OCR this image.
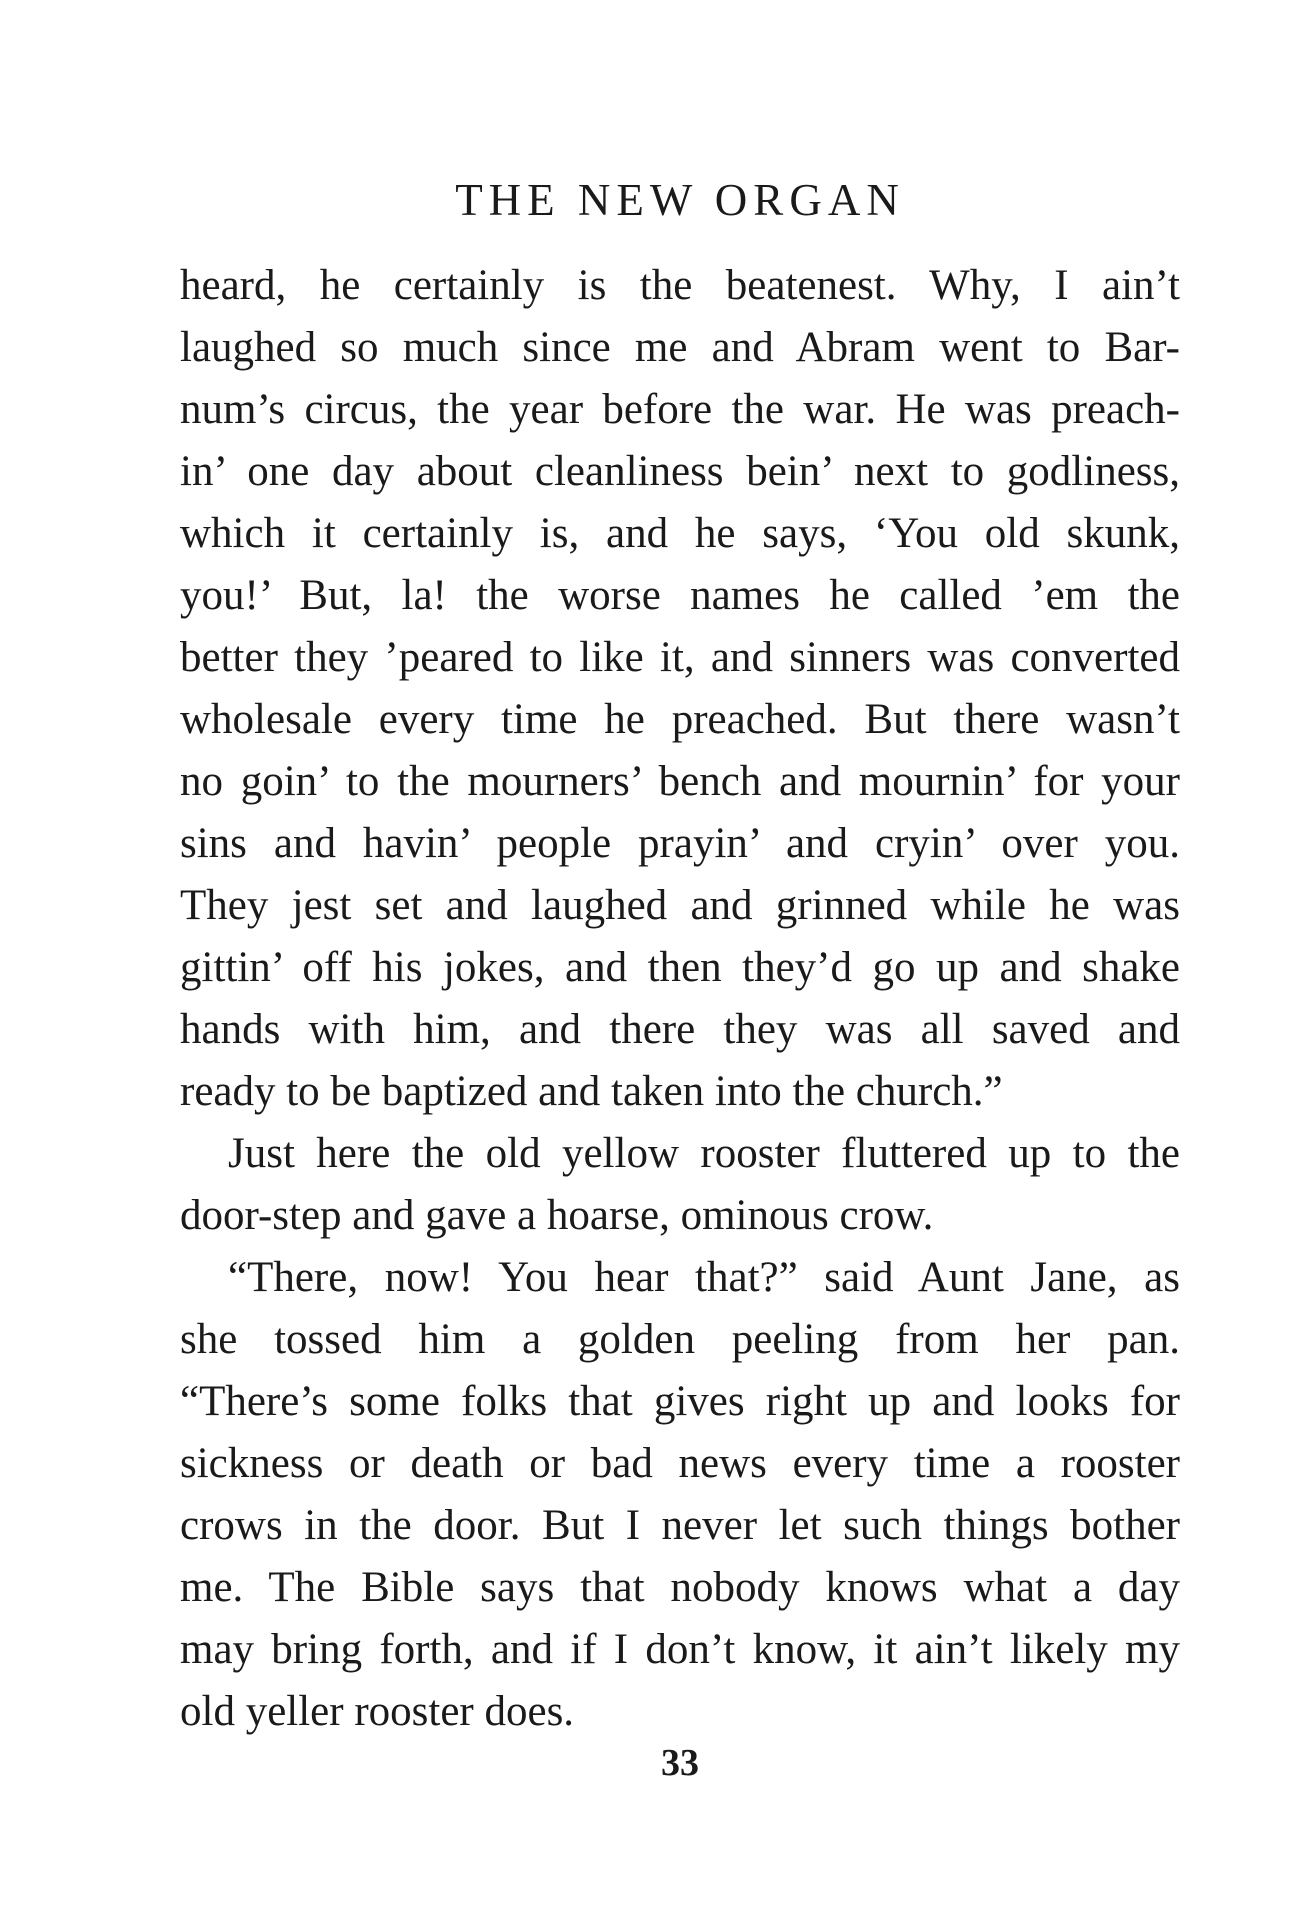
THE NEW ORGAN
heard, he certainly is the beatenest. Why, I ain’t
laughed so much since me and Abram went to Bar-
num’s circus, the year before the war. He was preach-
in’ one day about cleanliness bein’ next to godliness,
which it certainly is, and he says, ‘You old skunk,
you!’ But, la! the worse names he called ’em the
better they ’peared to like it, and sinners was converted
wholesale every time he preached. But there wasn’t
no goin’ to the mourners’ bench and mournin’ for your
sins and havin’ people prayin’ and cryin’ over you.
They jest set and laughed and grinned while he was
gittin’ off his jokes, and then they’d go up and shake
hands with him, and there they was all saved and
ready to be baptized and taken into the church.”
Just here the old yellow rooster fluttered up to the
door-step and gave a hoarse, ominous crow.
“There, now! You hear that?” said Aunt Jane, as
she tossed him a golden peeling from her pan.
“There’s some folks that gives right up and looks for
sickness or death or bad news every time a rooster
crows in the door. But I never let such things bother
me. The Bible says that nobody knows what a day
may bring forth, and if I don’t know, it ain’t likely my
old yeller rooster does.
33
